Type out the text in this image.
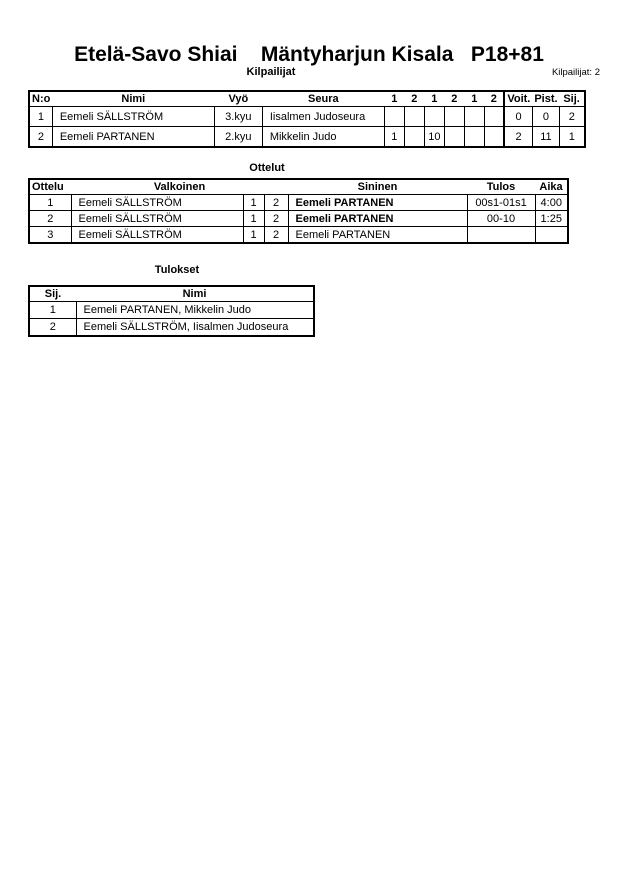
Etelä-Savo Shiai    Mäntyharjun Kisala   P18+81
Kilpailijat	Kilpailijat: 2
N:o	Nimi	Vyö	Seura	1	2	1	2	1	2	Voit.	Pist.	Sij.
1	Eemeli SÄLLSTRÖM	3.kyu	Iisalmen Judoseura							0	0	2
2	Eemeli PARTANEN	2.kyu	Mikkelin Judo	1		10				2	11	1
Ottelut
Ottelu	Valkoinen			Sininen	Tulos	Aika
1	Eemeli SÄLLSTRÖM	1	2	Eemeli PARTANEN	00s1-01s1	4:00
2	Eemeli SÄLLSTRÖM	1	2	Eemeli PARTANEN	00-10	1:25
3	Eemeli SÄLLSTRÖM	1	2	Eemeli PARTANEN		
Tulokset
Sij.	Nimi
1	Eemeli PARTANEN, Mikkelin Judo
2	Eemeli SÄLLSTRÖM, Iisalmen Judoseura
